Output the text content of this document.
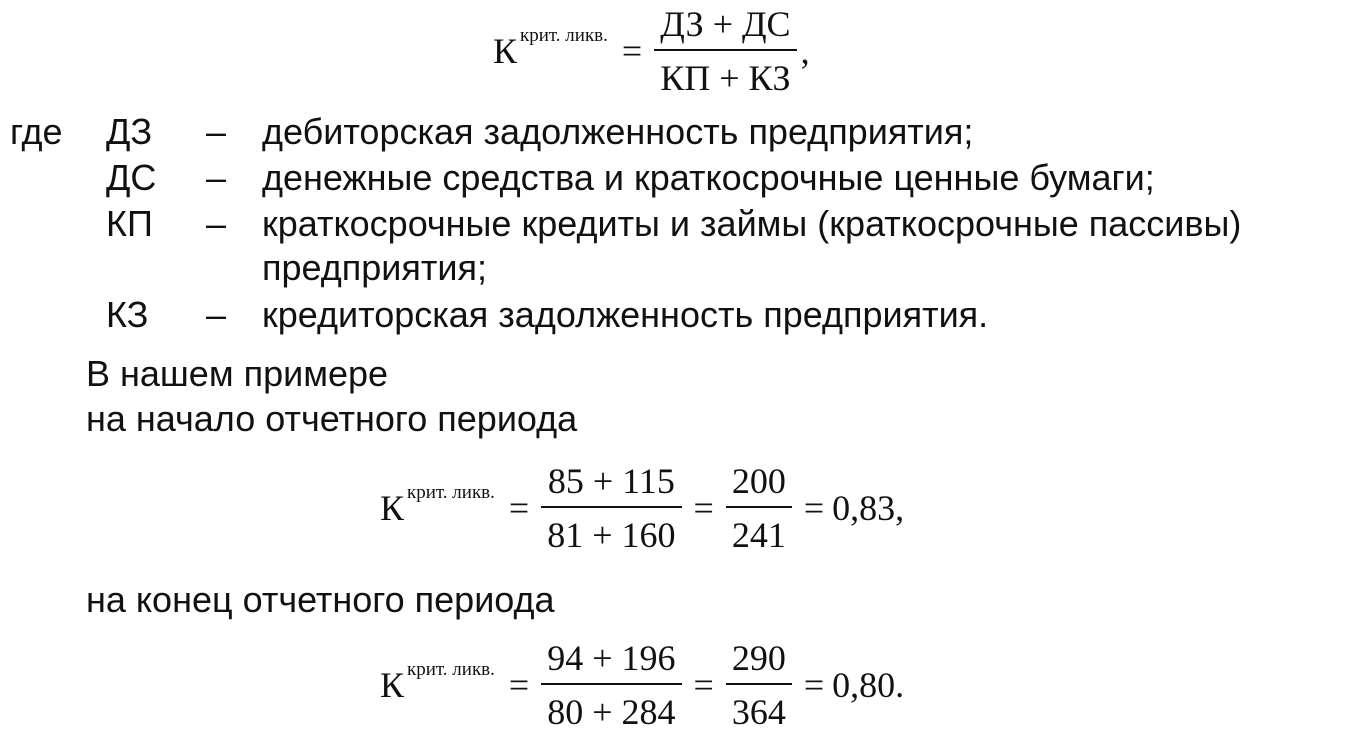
К крит. ликв. = $\frac{ДЗ + ДС}{КП + КЗ}$ ,
где ДЗ – дебиторская задолженность предприятия;
ДС – денежные средства и краткосрочные ценные бумаги;
КП – краткосрочные кредиты и займы (краткосрочные пассивы)
предприятия;
КЗ – кредиторская задолженность предприятия.
В нашем примере
на начало отчетного периода
К крит. ликв. = $\frac{85 + 115}{81 + 160} = \frac{200}{241} = 0,83$,
на конец отчетного периода
К крит. ликв. = $\frac{94 + 196}{80 + 284} = \frac{290}{364} = 0,80$.
